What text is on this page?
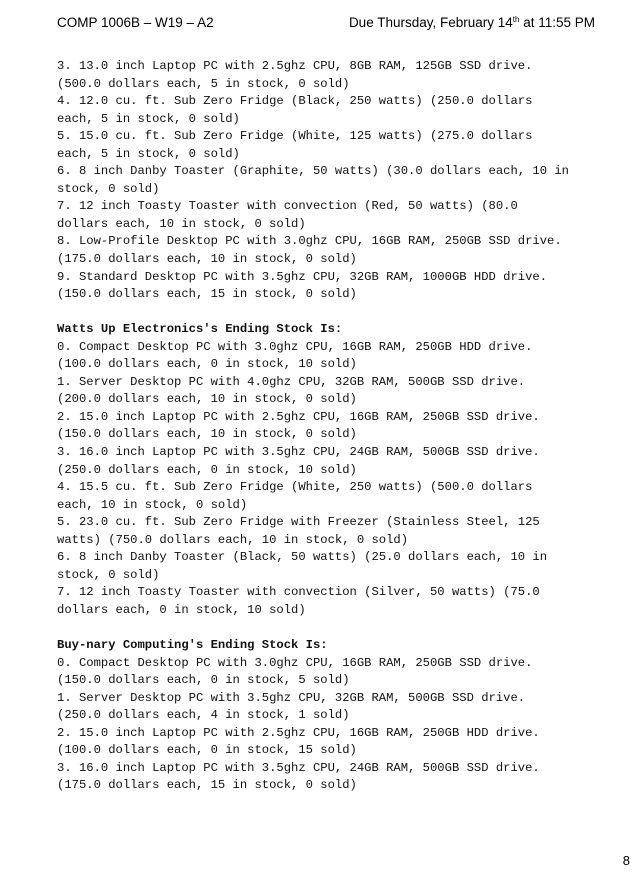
COMP 1006B – W19 – A2	Due Thursday, February 14th at 11:55 PM

3. 13.0 inch Laptop PC with 2.5ghz CPU, 8GB RAM, 125GB SSD drive.

(500.0 dollars each, 5 in stock, 0 sold)

4. 12.0 cu. ft. Sub Zero Fridge (Black, 250 watts) (250.0 dollars

each, 5 in stock, 0 sold)

5. 15.0 cu. ft. Sub Zero Fridge (White, 125 watts) (275.0 dollars

each, 5 in stock, 0 sold)

6. 8 inch Danby Toaster (Graphite, 50 watts) (30.0 dollars each, 10 in

stock, 0 sold)

7. 12 inch Toasty Toaster with convection (Red, 50 watts) (80.0

dollars each, 10 in stock, 0 sold)

8. Low-Profile Desktop PC with 3.0ghz CPU, 16GB RAM, 250GB SSD drive.

(175.0 dollars each, 10 in stock, 0 sold)

9. Standard Desktop PC with 3.5ghz CPU, 32GB RAM, 1000GB HDD drive.

(150.0 dollars each, 15 in stock, 0 sold)

Watts Up Electronics's Ending Stock Is:

0. Compact Desktop PC with 3.0ghz CPU, 16GB RAM, 250GB HDD drive.

(100.0 dollars each, 0 in stock, 10 sold)

1. Server Desktop PC with 4.0ghz CPU, 32GB RAM, 500GB SSD drive.

(200.0 dollars each, 10 in stock, 0 sold)

2. 15.0 inch Laptop PC with 2.5ghz CPU, 16GB RAM, 250GB SSD drive.

(150.0 dollars each, 10 in stock, 0 sold)

3. 16.0 inch Laptop PC with 3.5ghz CPU, 24GB RAM, 500GB SSD drive.

(250.0 dollars each, 0 in stock, 10 sold)

4. 15.5 cu. ft. Sub Zero Fridge (White, 250 watts) (500.0 dollars

each, 10 in stock, 0 sold)

5. 23.0 cu. ft. Sub Zero Fridge with Freezer (Stainless Steel, 125

watts) (750.0 dollars each, 10 in stock, 0 sold)

6. 8 inch Danby Toaster (Black, 50 watts) (25.0 dollars each, 10 in

stock, 0 sold)

7. 12 inch Toasty Toaster with convection (Silver, 50 watts) (75.0

dollars each, 0 in stock, 10 sold)

Buy-nary Computing's Ending Stock Is:

0. Compact Desktop PC with 3.0ghz CPU, 16GB RAM, 250GB SSD drive.

(150.0 dollars each, 0 in stock, 5 sold)

1. Server Desktop PC with 3.5ghz CPU, 32GB RAM, 500GB SSD drive.

(250.0 dollars each, 4 in stock, 1 sold)

2. 15.0 inch Laptop PC with 2.5ghz CPU, 16GB RAM, 250GB HDD drive.

(100.0 dollars each, 0 in stock, 15 sold)

3. 16.0 inch Laptop PC with 3.5ghz CPU, 24GB RAM, 500GB SSD drive.

(175.0 dollars each, 15 in stock, 0 sold)

8
